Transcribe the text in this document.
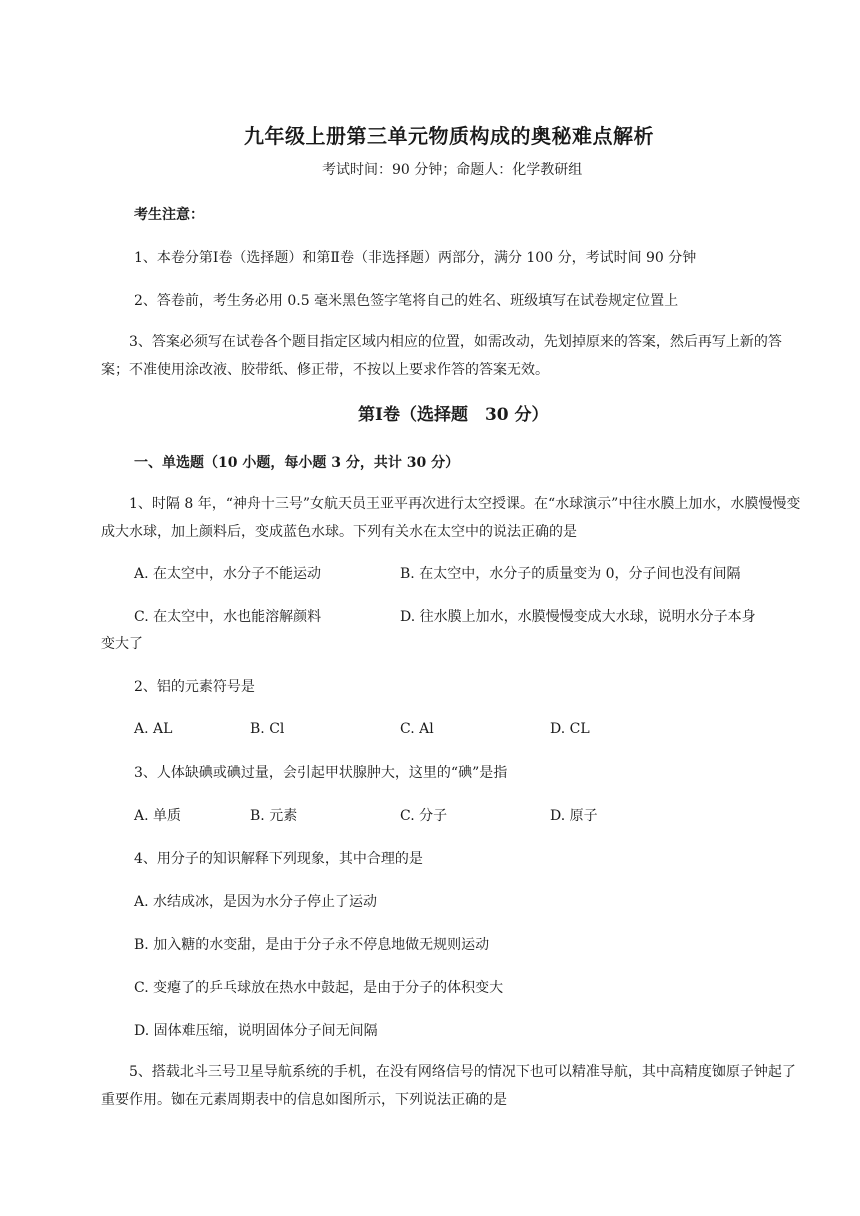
九年级上册第三单元物质构成的奥秘难点解析
考试时间：90 分钟；命题人：化学教研组
考生注意：
1、本卷分第Ⅰ卷（选择题）和第Ⅱ卷（非选择题）两部分，满分 100 分，考试时间 90 分钟
2、答卷前，考生务必用 0.5 毫米黑色签字笔将自己的姓名、班级填写在试卷规定位置上

3、答案必须写在试卷各个题目指定区域内相应的位置，如需改动，先划掉原来的答案，然后再写上新的答案；不准使用涂改液、胶带纸、修正带，不按以上要求作答的答案无效。

第Ⅰ卷（选择题　30 分）
一、单选题（10 小题，每小题 3 分，共计 30 分）

1、时隔 8 年，“神舟十三号”女航天员王亚平再次进行太空授课。在“水球演示”中往水膜上加水，水膜慢慢变成大水球，加上颜料后，变成蓝色水球。下列有关水在太空中的说法正确的是

A. 在太空中，水分子不能运动	B. 在太空中，水分子的质量变为 0，分子间也没有间隔
C. 在太空中，水也能溶解颜料	D. 往水膜上加水，水膜慢慢变成大水球，说明水分子本身
变大了
2、铝的元素符号是
A. AL	B. Cl	C. Al	D. CL
3、人体缺碘或碘过量，会引起甲状腺肿大，这里的“碘”是指
A. 单质	B. 元素	C. 分子	D. 原子
4、用分子的知识解释下列现象，其中合理的是
A. 水结成冰，是因为水分子停止了运动
B. 加入糖的水变甜，是由于分子永不停息地做无规则运动
C. 变瘪了的乒乓球放在热水中鼓起，是由于分子的体积变大
D. 固体难压缩，说明固体分子间无间隔

5、搭载北斗三号卫星导航系统的手机，在没有网络信号的情况下也可以精准导航，其中高精度铷原子钟起了重要作用。铷在元素周期表中的信息如图所示，下列说法正确的是
